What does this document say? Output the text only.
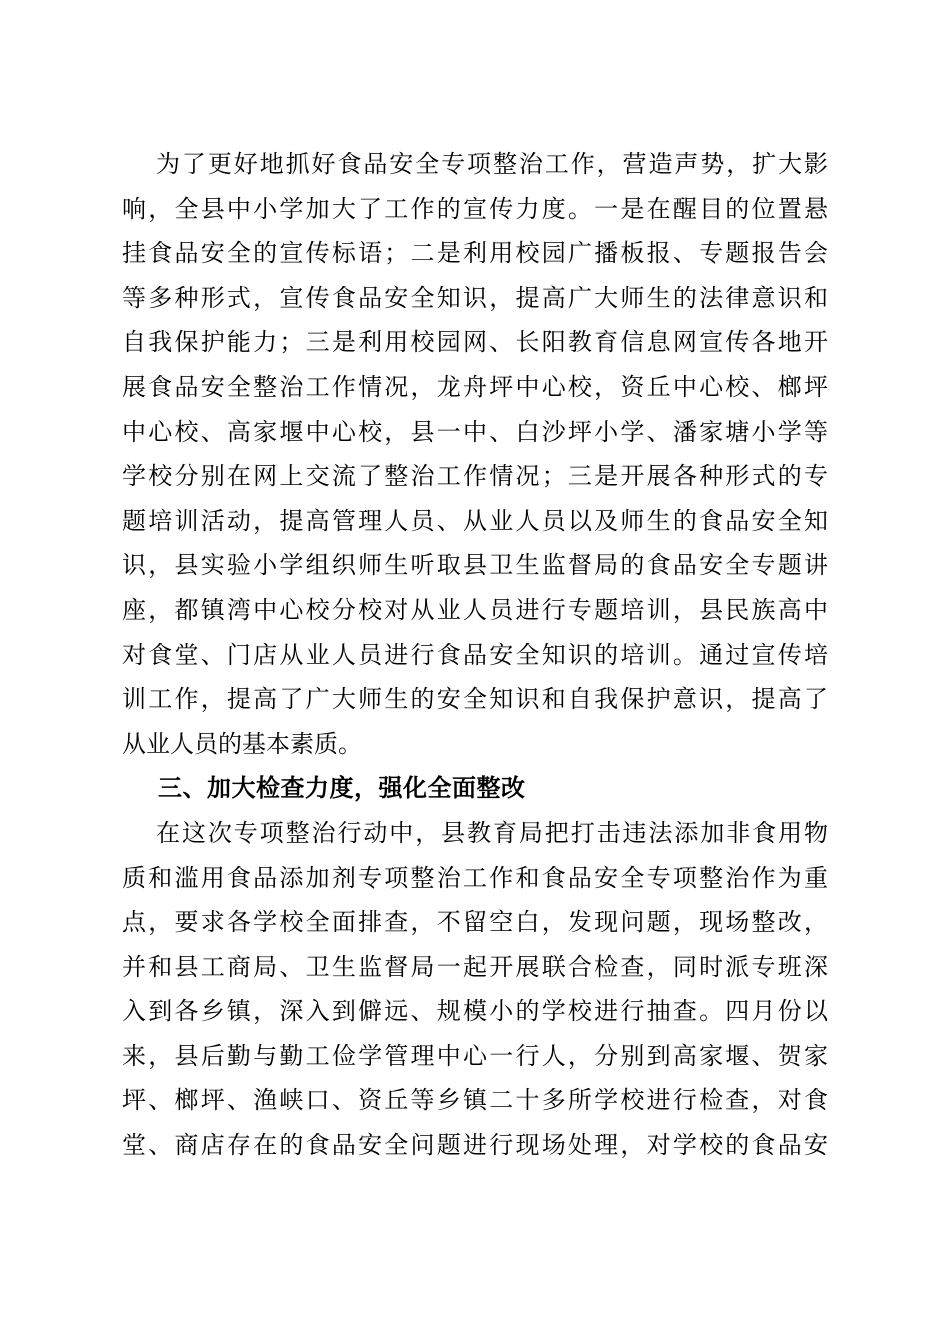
为了更好地抓好食品安全专项整治工作，营造声势，扩大影
响，全县中小学加大了工作的宣传力度。一是在醒目的位置悬
挂食品安全的宣传标语；二是利用校园广播板报、专题报告会
等多种形式，宣传食品安全知识，提高广大师生的法律意识和
自我保护能力；三是利用校园网、长阳教育信息网宣传各地开
展食品安全整治工作情况，龙舟坪中心校，资丘中心校、榔坪
中心校、高家堰中心校，县一中、白沙坪小学、潘家塘小学等
学校分别在网上交流了整治工作情况；三是开展各种形式的专
题培训活动，提高管理人员、从业人员以及师生的食品安全知
识，县实验小学组织师生听取县卫生监督局的食品安全专题讲
座，都镇湾中心校分校对从业人员进行专题培训，县民族高中
对食堂、门店从业人员进行食品安全知识的培训。通过宣传培
训工作，提高了广大师生的安全知识和自我保护意识，提高了
从业人员的基本素质。
三、加大检查力度，强化全面整改
在这次专项整治行动中，县教育局把打击违法添加非食用物
质和滥用食品添加剂专项整治工作和食品安全专项整治作为重
点，要求各学校全面排查，不留空白，发现问题，现场整改，
并和县工商局、卫生监督局一起开展联合检查，同时派专班深
入到各乡镇，深入到僻远、规模小的学校进行抽查。四月份以
来，县后勤与勤工俭学管理中心一行人，分别到高家堰、贺家
坪、榔坪、渔峡口、资丘等乡镇二十多所学校进行检查，对食
堂、商店存在的食品安全问题进行现场处理，对学校的食品安
